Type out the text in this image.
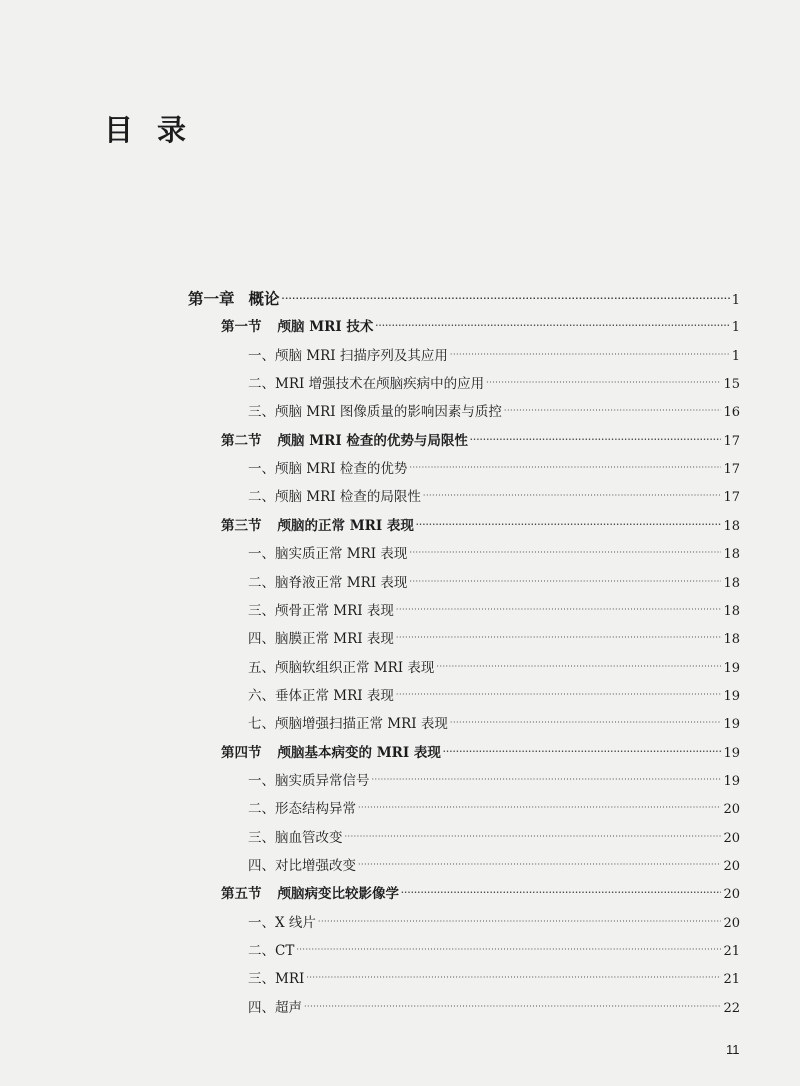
目录
第一章 概论 ·····	1
第一节 颅脑 MRI 技术 ·····	1
一、颅脑 MRI 扫描序列及其应用 ·····	1
二、MRI 增强技术在颅脑疾病中的应用 ·····	15
三、颅脑 MRI 图像质量的影响因素与质控 ·····	16
第二节 颅脑 MRI 检查的优势与局限性 ·····	17
一、颅脑 MRI 检查的优势 ·····	17
二、颅脑 MRI 检查的局限性 ·····	17
第三节 颅脑的正常 MRI 表现 ·····	18
一、脑实质正常 MRI 表现 ·····	18
二、脑脊液正常 MRI 表现 ·····	18
三、颅骨正常 MRI 表现 ·····	18
四、脑膜正常 MRI 表现 ·····	18
五、颅脑软组织正常 MRI 表现 ·····	19
六、垂体正常 MRI 表现 ·····	19
七、颅脑增强扫描正常 MRI 表现 ·····	19
第四节 颅脑基本病变的 MRI 表现 ·····	19
一、脑实质异常信号 ·····	19
二、形态结构异常 ·····	20
三、脑血管改变 ·····	20
四、对比增强改变 ·····	20
第五节 颅脑病变比较影像学 ·····	20
一、X 线片 ·····	20
二、CT ·····	21
三、MRI ·····	21
四、超声 ·····	22

11
